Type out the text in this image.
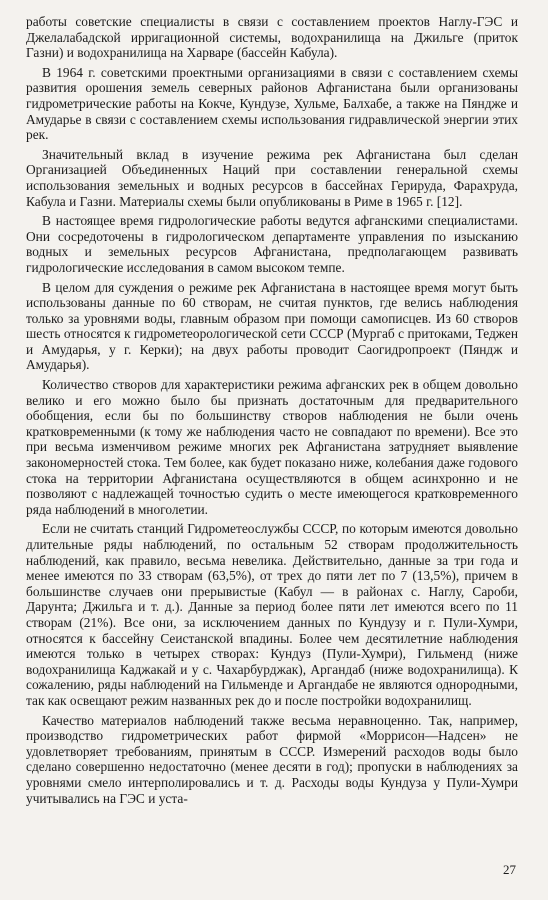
работы советские специалисты в связи с составлением проектов Наглу-ГЭС и Джелалабадской ирригационной системы, водохранилища на Джильге (приток Газни) и водохранилища на Харваре (бассейн Кабула).

В 1964 г. советскими проектными организациями в связи с составлением схемы развития орошения земель северных районов Афганистана были организованы гидрометрические работы на Кокче, Кундузе, Хульме, Балхабе, а также на Пяндже и Амударье в связи с составлением схемы использования гидравлической энергии этих рек.

Значительный вклад в изучение режима рек Афганистана был сделан Организацией Объединенных Наций при составлении генеральной схемы использования земельных и водных ресурсов в бассейнах Герируда, Фарахруда, Кабула и Газни. Материалы схемы были опубликованы в Риме в 1965 г. [12].

В настоящее время гидрологические работы ведутся афганскими специалистами. Они сосредоточены в гидрологическом департаменте управления по изысканию водных и земельных ресурсов Афганистана, предполагающем развивать гидрологические исследования в самом высоком темпе.

В целом для суждения о режиме рек Афганистана в настоящее время могут быть использованы данные по 60 створам, не считая пунктов, где велись наблюдения только за уровнями воды, главным образом при помощи самописцев. Из 60 створов шесть относятся к гидрометеорологической сети СССР (Мургаб с притоками, Теджен и Амударья, у г. Керки); на двух работы проводит Саогидропроект (Пяндж и Амударья).

Количество створов для характеристики режима афганских рек в общем довольно велико и его можно было бы признать достаточным для предварительного обобщения, если бы по большинству створов наблюдения не были очень кратковременными (к тому же наблюдения часто не совпадают по времени). Все это при весьма изменчивом режиме многих рек Афганистана затрудняет выявление закономерностей стока. Тем более, как будет показано ниже, колебания даже годового стока на территории Афганистана осуществляются в общем асинхронно и не позволяют с надлежащей точностью судить о месте имеющегося кратковременного ряда наблюдений в многолетии.

Если не считать станций Гидрометеослужбы СССР, по которым имеются довольно длительные ряды наблюдений, по остальным 52 створам продолжительность наблюдений, как правило, весьма невелика. Действительно, данные за три года и менее имеются по 33 створам (63,5%), от трех до пяти лет по 7 (13,5%), причем в большинстве случаев они прерывистые (Кабул — в районах с. Наглу, Сароби, Дарунта; Джильга и т. д.). Данные за период более пяти лет имеются всего по 11 створам (21%). Все они, за исключением данных по Кундузу и г. Пули-Хумри, относятся к бассейну Сеистанской впадины. Более чем десятилетние наблюдения имеются только в четырех створах: Кундуз (Пули-Хумри), Гильменд (ниже водохранилища Каджакай и у с. Чахарбурджак), Аргандаб (ниже водохранилища). К сожалению, ряды наблюдений на Гильменде и Аргандабе не являются однородными, так как освещают режим названных рек до и после постройки водохранилищ.

Качество материалов наблюдений также весьма неравноценно. Так, например, производство гидрометрических работ фирмой «Моррисон—Надсен» не удовлетворяет требованиям, принятым в СССР. Измерений расходов воды было сделано совершенно недостаточно (менее десяти в год); пропуски в наблюдениях за уровнями смело интерполировались и т. д. Расходы воды Кундуза у Пули-Хумри учитывались на ГЭС и уста-

27
